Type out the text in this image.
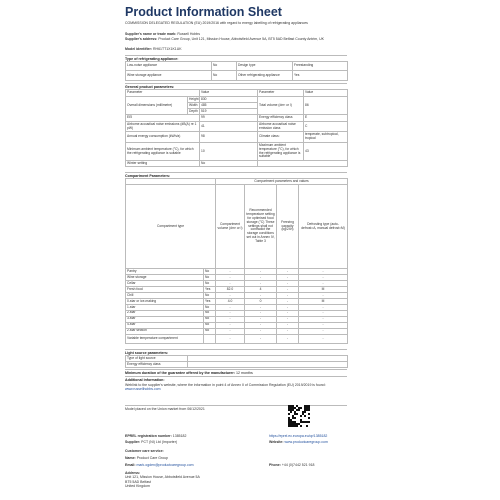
Product Information Sheet
COMMISSION DELEGATED REGULATION (EU) 2019/2016 with regard to energy labelling of refrigerating appliances
Supplier's name or trade mark: Russell Hobbs
Supplier's address: Product Care Group, Unit 121, Mission House, Abbotsfield Avenue 5A, BT5 5AD Belfast County Antrim, UK
Model identifier: RH61TT1X1K1UK
Type of refrigerating appliance:
Low-noise appliance	No	Design type	Freestanding
Wine storage appliance	No	Other refrigerating appliance	Yes
General product parameters:
Parameter		Value	Parameter	Value
Overall dimensions (millimetre)	Height	830	Total volume (dm³ or l)	86
	Width	485		
	Depth	519		
EEI		99	Energy efficiency class	E
Airborne acoustical noise emissions (dB(A) re 1 pW)		41	Airborne acoustical noise emission class	C
Annual energy consumption (kWh/a)		98	Climate class:	temperate, subtropical, tropical
Minimum ambient temperature (°C), for which the refrigerating appliance is suitable		10	Maximum ambient temperature (°C), for which the refrigerating appliance is suitable	43
Winter setting		No		
Compartment Parameters:
		Compartment parameters and values			
Compartment type		Compartment volume (dm³ or l)	Recommended temperature setting for optimised food storage (°C) These settings shall not contradict the storage conditions set out in Annex IV, Table 3	Freezing capacity (kg/24h)	Defrosting type (auto-defrost=A, manual defrost=M)
Pantry	No	-	-	-	-
Wine storage	No	-	-	-	-
Cellar	No	-	-	-	-
Fresh food	Yes	82.0	4	-	M
Chill	No	-	-	-	-
0-star or ice-making	Yes	4.0	0	-	M
1-star	No	-	-	-	-
2-star	No	-	-	-	-
3-star	No	-	-	-	-
4-star	No	-	-	-	-
2-star section	No	-	-	-	-
Variable temperature compartment		-	-	-	-
Light source parameters:
Type of light source	
Energy efficiency class	
Minimum duration of the guarantee offered by the manufacturer: 12 months
Additional information:
Weblink to the supplier's website, where the information in point 4 of Annex II of Commission Regulation (EU) 2019/2019 is found: www.russellhobbs.com
Model placed on the Union market from 06/12/2021
EPREL registration number: 1385182	https://eprel.ec.europa.eu/qr/1385182
Supplier: PCT (NI) Ltd (Importer)	Website: www.productcaregroup.com
Customer care service:
Name: Product Care Group
Email: mark.ogden@productcaregroup.com	Phone: +44 (0)7442 521 918
Address:
Unit 121, Mission House, Abbotsfield Avenue 5A
BT5 5AD Belfast
United Kingdom
